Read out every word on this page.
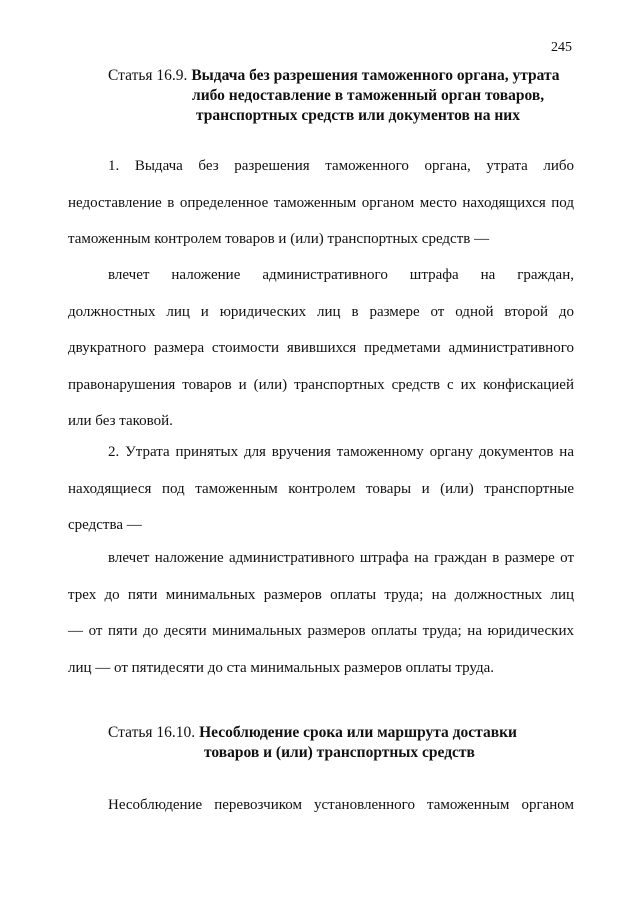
245
Статья 16.9. Выдача без разрешения таможенного органа, утрата
либо недоставление в таможенный орган товаров,
транспортных средств или документов на них
1. Выдача без разрешения таможенного органа, утрата либо
недоставление в определенное таможенным органом место находящихся под
таможенным контролем товаров и (или) транспортных средств —
влечет наложение административного штрафа на граждан,
должностных лиц и юридических лиц в размере от одной второй до
двукратного размера стоимости явившихся предметами административного
правонарушения товаров и (или) транспортных средств с их конфискацией
или без таковой.
2. Утрата принятых для вручения таможенному органу документов на
находящиеся под таможенным контролем товары и (или) транспортные
средства —
влечет наложение административного штрафа на граждан в размере от
трех до пяти минимальных размеров оплаты труда; на должностных лиц
— от пяти до десяти минимальных размеров оплаты труда; на юридических
лиц — от пятидесяти до ста минимальных размеров оплаты труда.
Статья 16.10. Несоблюдение срока или маршрута доставки
товаров и (или) транспортных средств
Несоблюдение перевозчиком установленного таможенным органом
